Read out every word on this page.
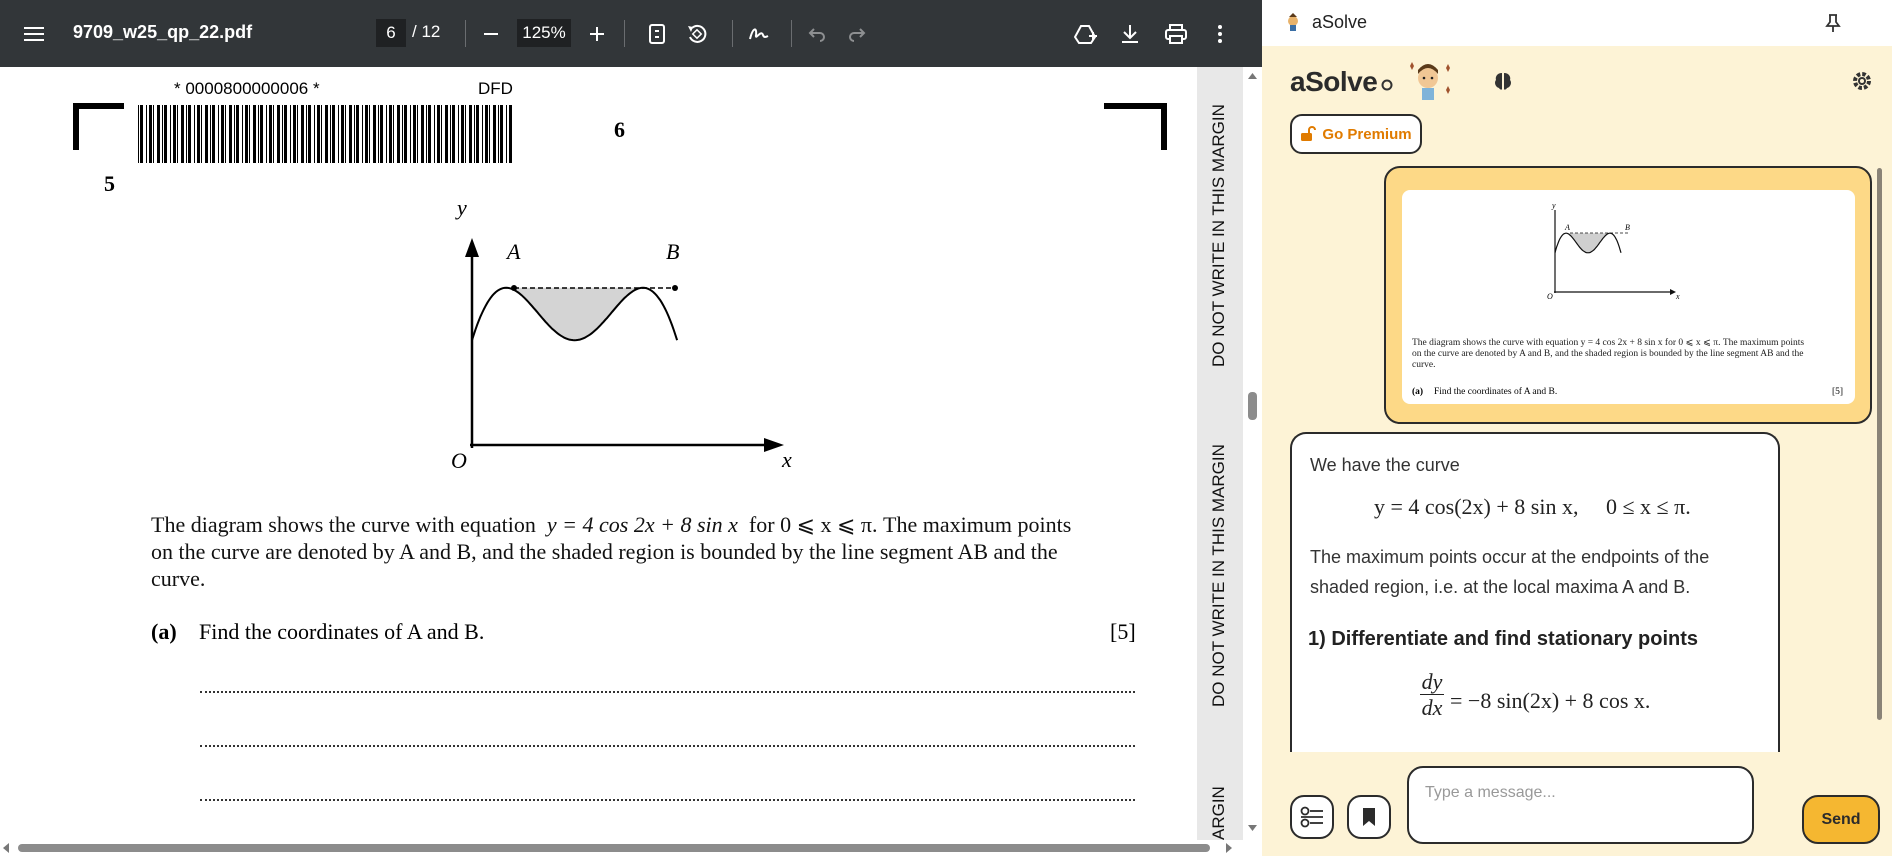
9709_w25_qp_22.pdf	6 / 12	125%
* 0000800000006 *	DFD
6
5
y
x
O
A	B
The diagram shows the curve with equation y = 4 cos 2x + 8 sin x for 0 ⩽ x ⩽ π. The maximum points
on the curve are denoted by A and B, and the shaded region is bounded by the line segment AB and the
curve.
(a) Find the coordinates of A and B.	[5]
DO NOT WRITE IN THIS MARGIN
DO NOT WRITE IN THIS MARGIN
ARGIN
aSolve
aSolve
Go Premium
y
A	B
O	x
The diagram shows the curve with equation y = 4 cos 2x + 8 sin x for 0 ⩽ x ⩽ π. The maximum points
on the curve are denoted by A and B, and the shaded region is bounded by the line segment AB and the
curve.
(a) Find the coordinates of A and B.	[5]
We have the curve
y = 4 cos(2x) + 8 sin x,     0 ≤ x ≤ π.
The maximum points occur at the endpoints of the
shaded region, i.e. at the local maxima A and B.
1) Differentiate and find stationary points
dy
dx = −8 sin(2x) + 8 cos x.
Type a message...
Send
